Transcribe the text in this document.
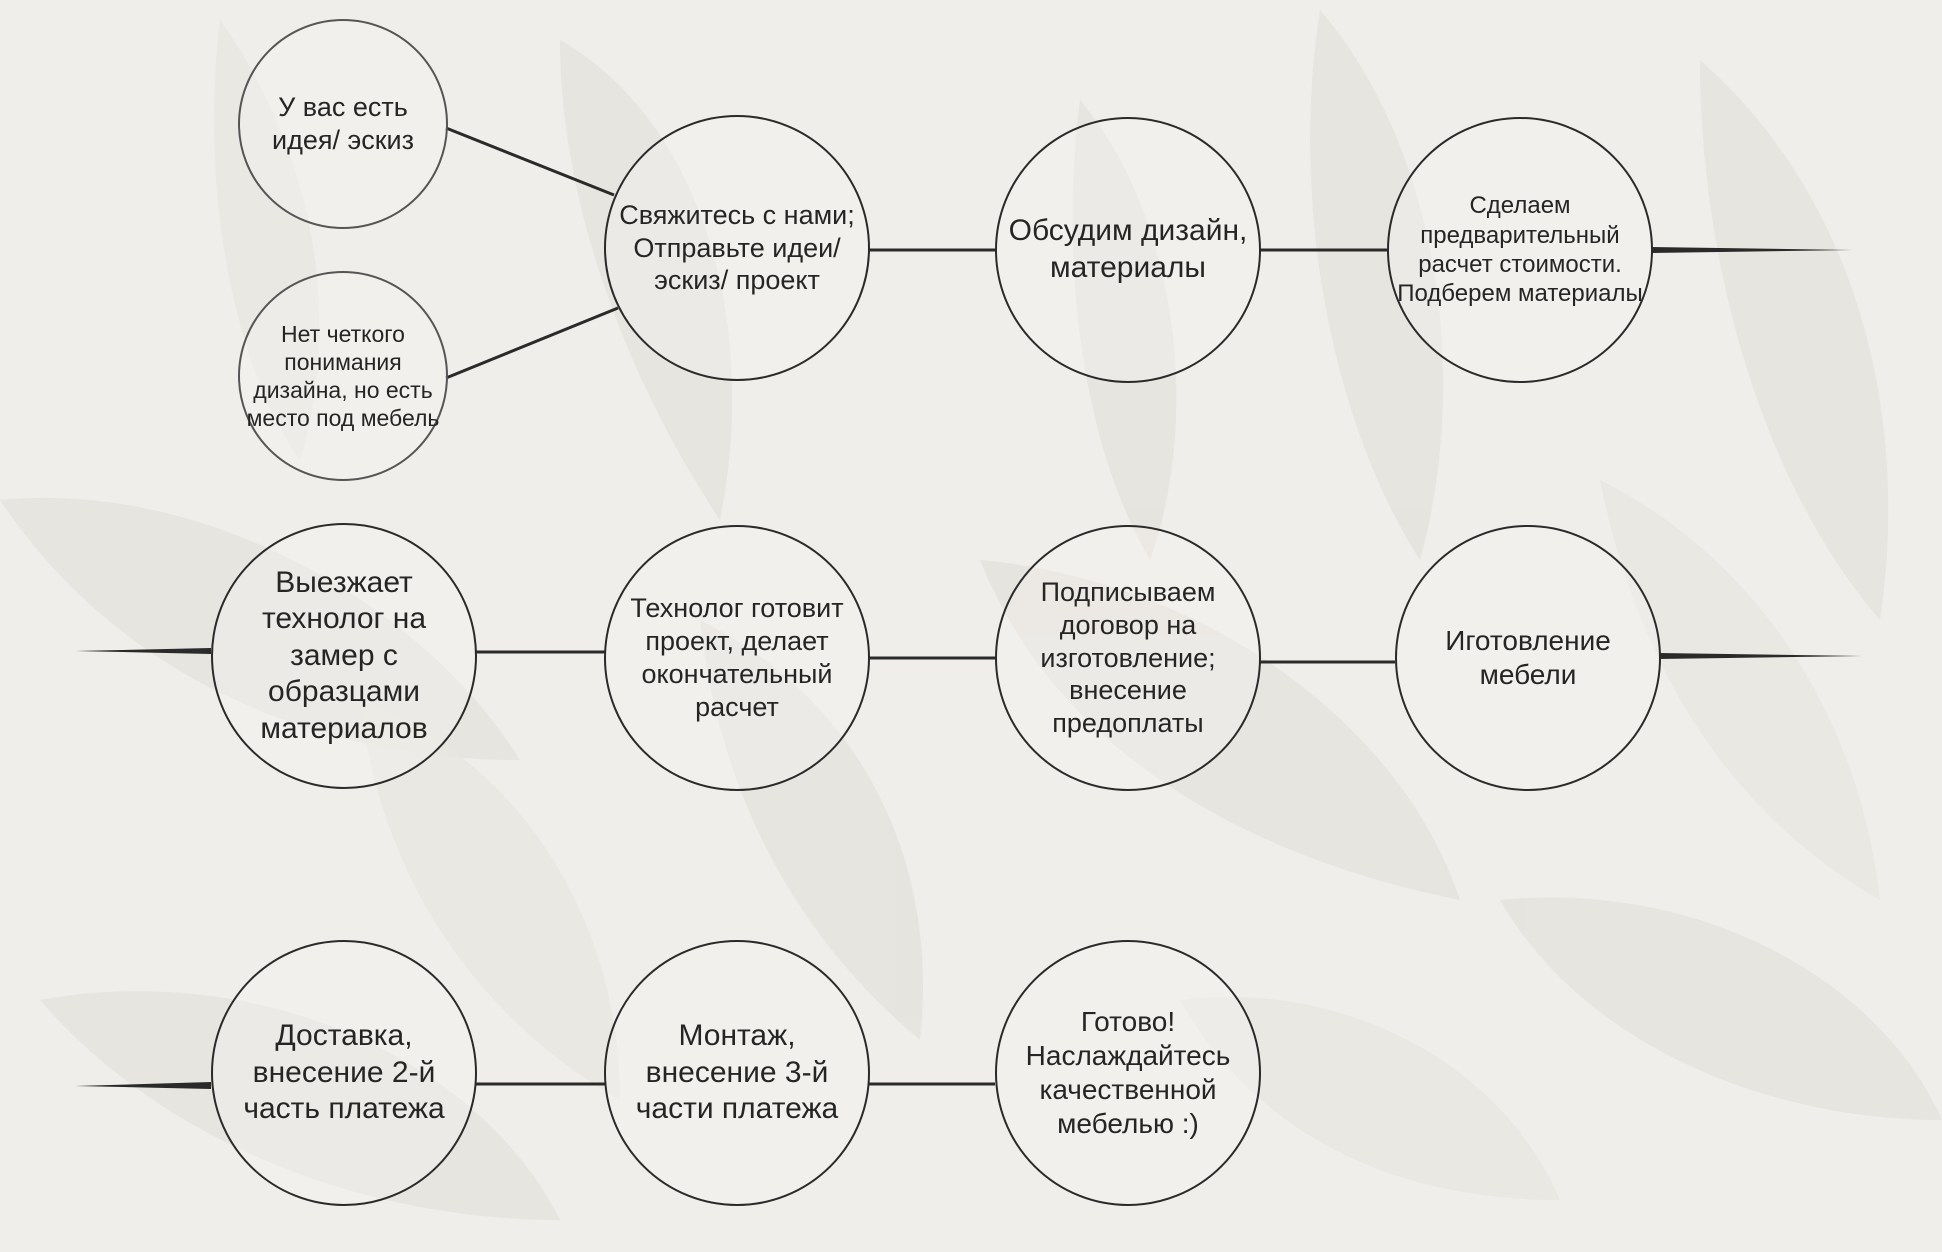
У вас есть идея/ эскиз
Нет четкого понимания дизайна, но есть место под мебель
Свяжитесь с нами; Отправьте идеи/ эскиз/ проект
Обсудим дизайн, материалы
Сделаем предварительный расчет стоимости. Подберем материалы
Выезжает технолог на замер с образцами материалов
Технолог готовит проект, делает окончательный расчет
Подписываем договор на изготовление; внесение предоплаты
Иготовление мебели
Доставка, внесение 2-й часть платежа
Монтаж, внесение 3-й части платежа
Готово! Наслаждайтесь качественной мебелью :)
